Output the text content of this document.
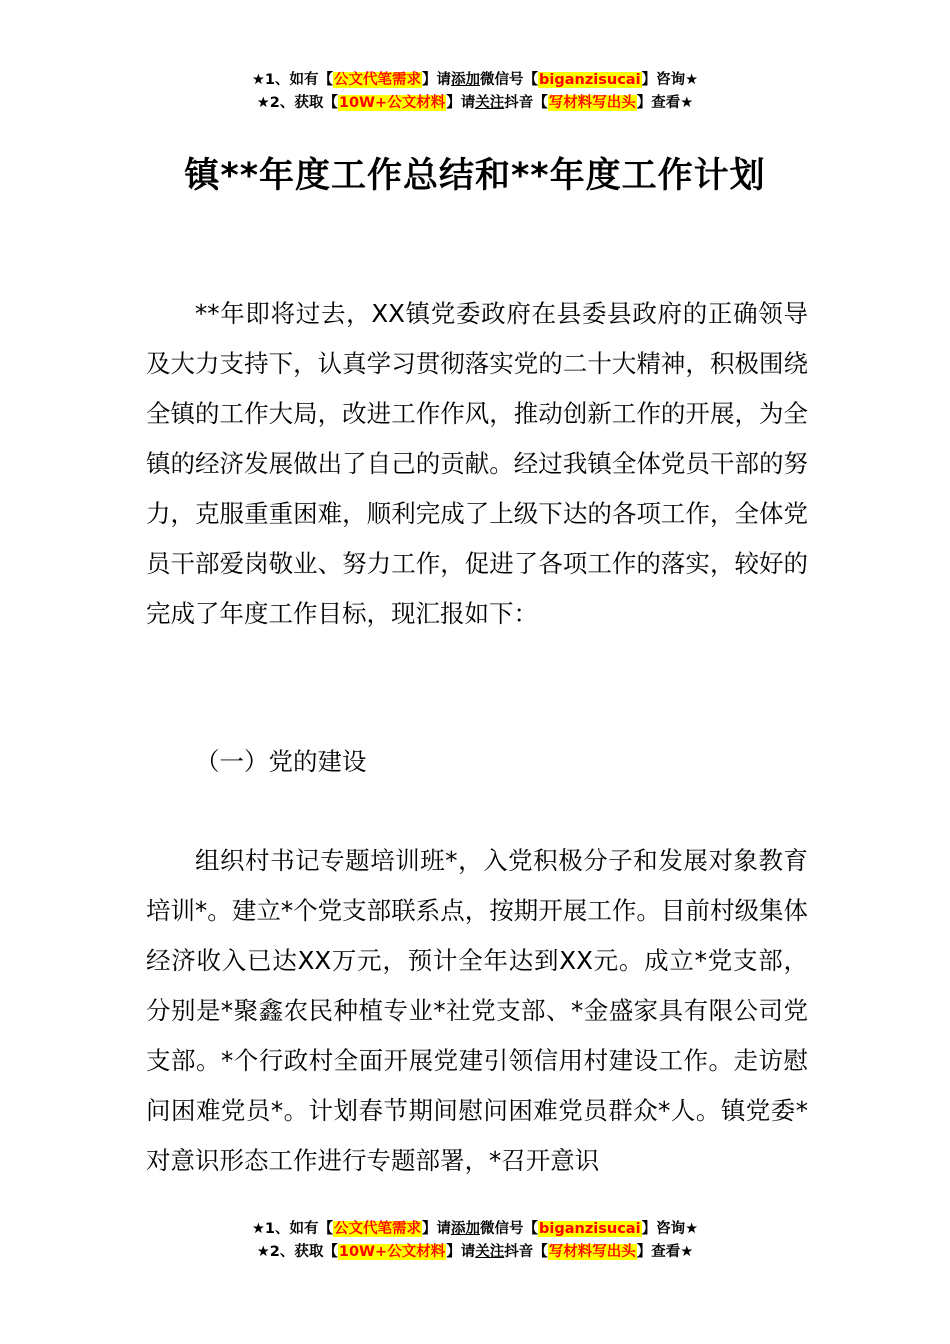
★1、如有【公文代笔需求】请添加微信号【biganzisucai】咨询★
★2、获取【10W+公文材料】请关注抖音【写材料写出头】查看★
镇**年度工作总结和**年度工作计划

**年即将过去，XX镇党委政府在县委县政府的正确领导及大力支持下，认真学习贯彻落实党的二十大精神，积极围绕全镇的工作大局，改进工作作风，推动创新工作的开展，为全镇的经济发展做出了自己的贡献。经过我镇全体党员干部的努力，克服重重困难，顺利完成了上级下达的各项工作，全体党员干部爱岗敬业、努力工作，促进了各项工作的落实，较好的完成了年度工作目标，现汇报如下：

（一）党的建设

组织村书记专题培训班*，入党积极分子和发展对象教育培训*。建立*个党支部联系点，按期开展工作。目前村级集体经济收入已达XX万元，预计全年达到XX元。成立*党支部，分别是*聚鑫农民种植专业*社党支部、*金盛家具有限公司党支部。*个行政村全面开展党建引领信用村建设工作。走访慰问困难党员*。计划春节期间慰问困难党员群众*人。镇党委*对意识形态工作进行专题部署，*召开意识

★1、如有【公文代笔需求】请添加微信号【biganzisucai】咨询★
★2、获取【10W+公文材料】请关注抖音【写材料写出头】查看★
